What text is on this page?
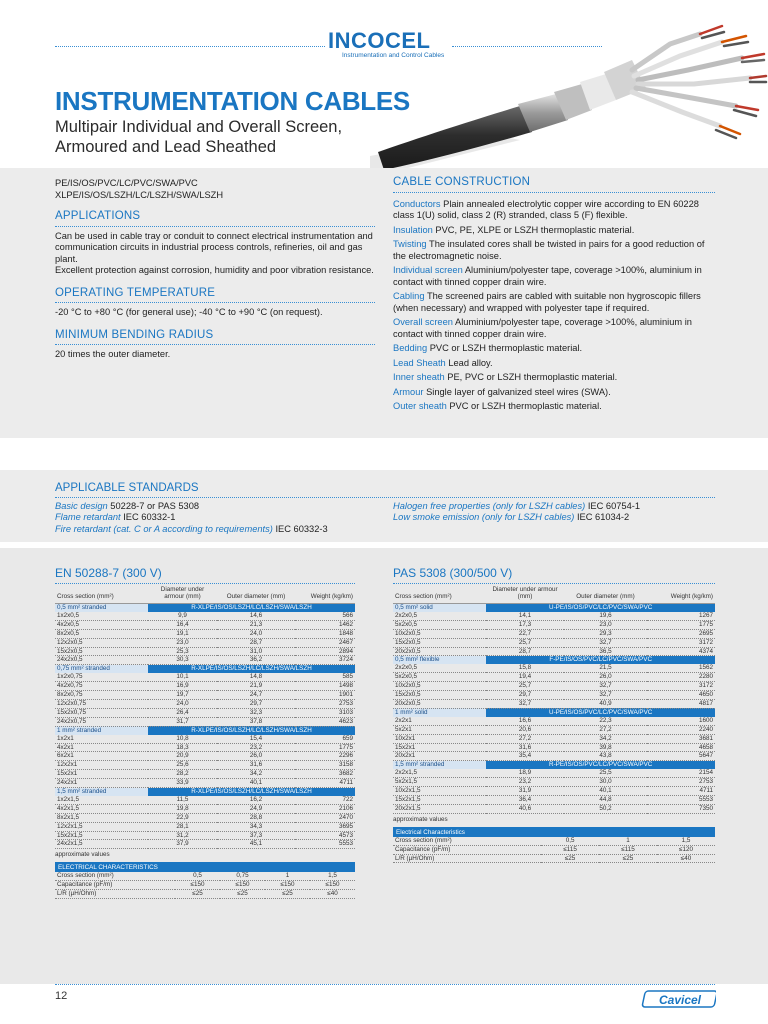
INCOCEL
Instrumentation and Control Cables
INSTRUMENTATION CABLES
Multipair Individual and Overall Screen,
Armoured and Lead Sheathed
PE/IS/OS/PVC/LC/PVC/SWA/PVC
XLPE/IS/OS/LSZH/LC/LSZH/SWA/LSZH
APPLICATIONS
Can be used in cable tray or conduit to connect electrical instrumentation and communication circuits in industrial process controls, refineries, oil and gas plant.
Excellent protection against corrosion, humidity and poor vibration resistance.
OPERATING TEMPERATURE
-20 °C to +80 °C (for general use); -40 °C to +90 °C (on request).
MINIMUM BENDING RADIUS
20 times the outer diameter.
CABLE CONSTRUCTION
Conductors Plain annealed electrolytic copper wire according to EN 60228 class 1(U) solid, class 2 (R) stranded, class 5 (F) flexible.
Insulation PVC, PE, XLPE or LSZH thermoplastic material.
Twisting The insulated cores shall be twisted in pairs for a good reduction of the electromagnetic noise.
Individual screen Aluminium/polyester tape, coverage >100%, aluminium in contact with tinned copper drain wire.
Cabling The screened pairs are cabled with suitable non hygroscopic fillers (when necessary) and wrapped with polyester tape if required.
Overall screen Aluminium/polyester tape, coverage >100%, aluminium in contact with tinned copper drain wire.
Bedding PVC or LSZH thermoplastic material.
Lead Sheath Lead alloy.
Inner sheath PE, PVC or LSZH thermoplastic material.
Armour Single layer of galvanized steel wires (SWA).
Outer sheath PVC or LSZH thermoplastic material.
APPLICABLE STANDARDS
Basic design 50228-7 or PAS 5308
Flame retardant IEC 60332-1
Fire retardant (cat. C or A according to requirements) IEC 60332-3
Halogen free properties (only for LSZH cables) IEC 60754-1
Low smoke emission (only for LSZH cables) IEC 61034-2
EN 50288-7 (300 V)
Cross section (mm²)	Diameter under armour (mm)	Outer diameter (mm)	Weight (kg/km)
0,5 mm² stranded	R-XLPE/IS/OS/LSZH/LC/LSZH/SWA/LSZH		
1x2x0,5	9,9	14,6	566
4x2x0,5	16,4	21,3	1462
8x2x0,5	19,1	24,0	1848
12x2x0,5	23,0	28,7	2467
15x2x0,5	25,3	31,0	2894
24x2x0,5	30,3	36,2	3724
0,75 mm² stranded	R-XLPE/IS/OS/LSZH/LC/LSZH/SWA/LSZH		
1x2x0,75	10,1	14,8	585
4x2x0,75	16,9	21,9	1498
8x2x0,75	19,7	24,7	1901
12x2x0,75	24,0	29,7	2753
15x2x0,75	26,4	32,3	3103
24x2x0,75	31,7	37,8	4623
1 mm² stranded	R-XLPE/IS/OS/LSZH/LC/LSZH/SWA/LSZH		
1x2x1	10,8	15,4	659
4x2x1	18,3	23,2	1775
6x2x1	20,9	26,0	2296
12x2x1	25,6	31,6	3158
15x2x1	28,2	34,2	3682
24x2x1	33,9	40,1	4711
1,5 mm² stranded	R-XLPE/IS/OS/LSZH/LC/LSZH/SWA/LSZH		
1x2x1,5	11,5	16,2	722
4x2x1,5	19,8	24,9	2106
8x2x1,5	22,9	28,8	2470
12x2x1,5	28,1	34,3	3695
15x2x1,5	31,2	37,3	4573
24x2x1,5	37,9	45,1	5553
approximate values
ELECTRICAL CHARACTERISTICS
Cross section (mm²)	0,5	0,75	1	1,5
Capacitance (pF/m)	≤150	≤150	≤150	≤150
L/R (µH/Ohm)	≤25	≤25	≤25	≤40
PAS 5308 (300/500 V)
Cross section (mm²)	Diameter under armour (mm)	Outer diameter (mm)	Weight (kg/km)
0,5 mm² solid	U-PE/IS/OS/PVC/LC/PVC/SWA/PVC		
2x2x0,5	14,1	19,6	1267
5x2x0,5	17,3	23,0	1775
10x2x0,5	22,7	29,3	2695
15x2x0,5	25,7	32,7	3172
20x2x0,5	28,7	36,5	4374
0,5 mm² flexible	F-PE/IS/OS/PVC/LC/PVC/SWA/PVC		
2x2x0,5	15,8	21,5	1562
5x2x0,5	19,4	26,0	2280
10x2x0,5	25,7	32,7	3172
15x2x0,5	29,7	32,7	4650
20x2x0,5	32,7	40,9	4817
1 mm² solid	U-PE/IS/OS/PVC/LC/PVC/SWA/PVC		
2x2x1	16,6	22,3	1600
5x2x1	20,6	27,2	2240
10x2x1	27,2	34,2	3681
15x2x1	31,6	39,8	4658
20x2x1	35,4	43,8	5647
1,5 mm² stranded	R-PE/IS/OS/PVC/LC/PVC/SWA/PVC		
2x2x1,5	18,9	25,5	2154
5x2x1,5	23,2	30,0	2753
10x2x1,5	31,9	40,1	4711
15x2x1,5	36,4	44,8	5553
20x2x1,5	40,6	50,2	7350
approximate values
Electrical Characteristics
Cross section (mm²)	0,5	1	1,5
Capacitance (pF/m)	≤115	≤115	≤120
L/R (µH/Ohm)	≤25	≤25	≤40
12	Cavicel
